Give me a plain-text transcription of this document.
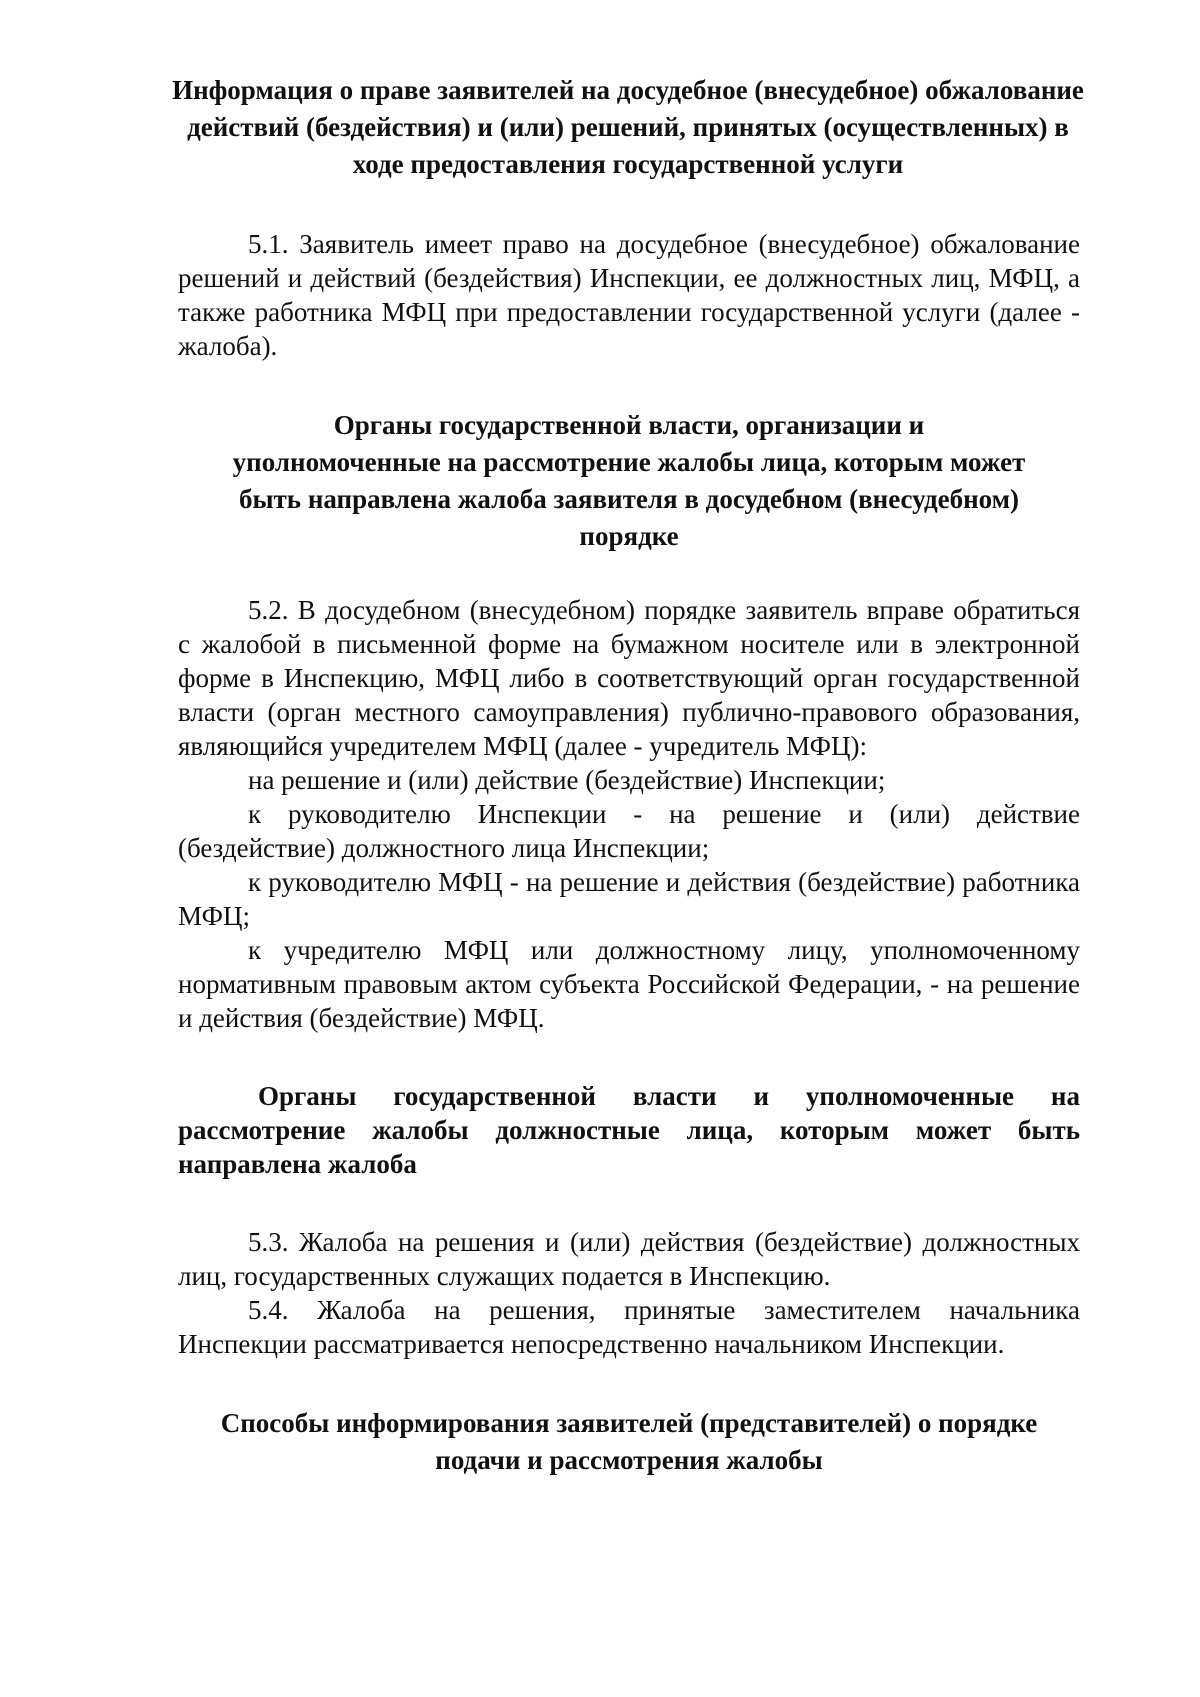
Информация о праве заявителей на досудебное (внесудебное) обжалование действий (бездействия) и (или) решений, принятых (осуществленных) в ходе предоставления государственной услуги

5.1. Заявитель имеет право на досудебное (внесудебное) обжалование решений и действий (бездействия) Инспекции, ее должностных лиц, МФЦ, а также работника МФЦ при предоставлении государственной услуги (далее - жалоба).

Органы государственной власти, организации и уполномоченные на рассмотрение жалобы лица, которым может быть направлена жалоба заявителя в досудебном (внесудебном) порядке

5.2. В досудебном (внесудебном) порядке заявитель вправе обратиться с жалобой в письменной форме на бумажном носителе или в электронной форме в Инспекцию, МФЦ либо в соответствующий орган государственной власти (орган местного самоуправления) публично-правового образования, являющийся учредителем МФЦ (далее - учредитель МФЦ):

на решение и (или) действие (бездействие) Инспекции;

к руководителю Инспекции - на решение и (или) действие (бездействие) должностного лица Инспекции;

к руководителю МФЦ - на решение и действия (бездействие) работника МФЦ;

к учредителю МФЦ или должностному лицу, уполномоченному нормативным правовым актом субъекта Российской Федерации, - на решение и действия (бездействие) МФЦ.

Органы государственной власти и уполномоченные на рассмотрение жалобы должностные лица, которым может быть направлена жалоба

5.3. Жалоба на решения и (или) действия (бездействие) должностных лиц, государственных служащих подается в Инспекцию.

5.4. Жалоба на решения, принятые заместителем начальника Инспекции рассматривается непосредственно начальником Инспекции.

Способы информирования заявителей (представителей) о порядке подачи и рассмотрения жалобы
